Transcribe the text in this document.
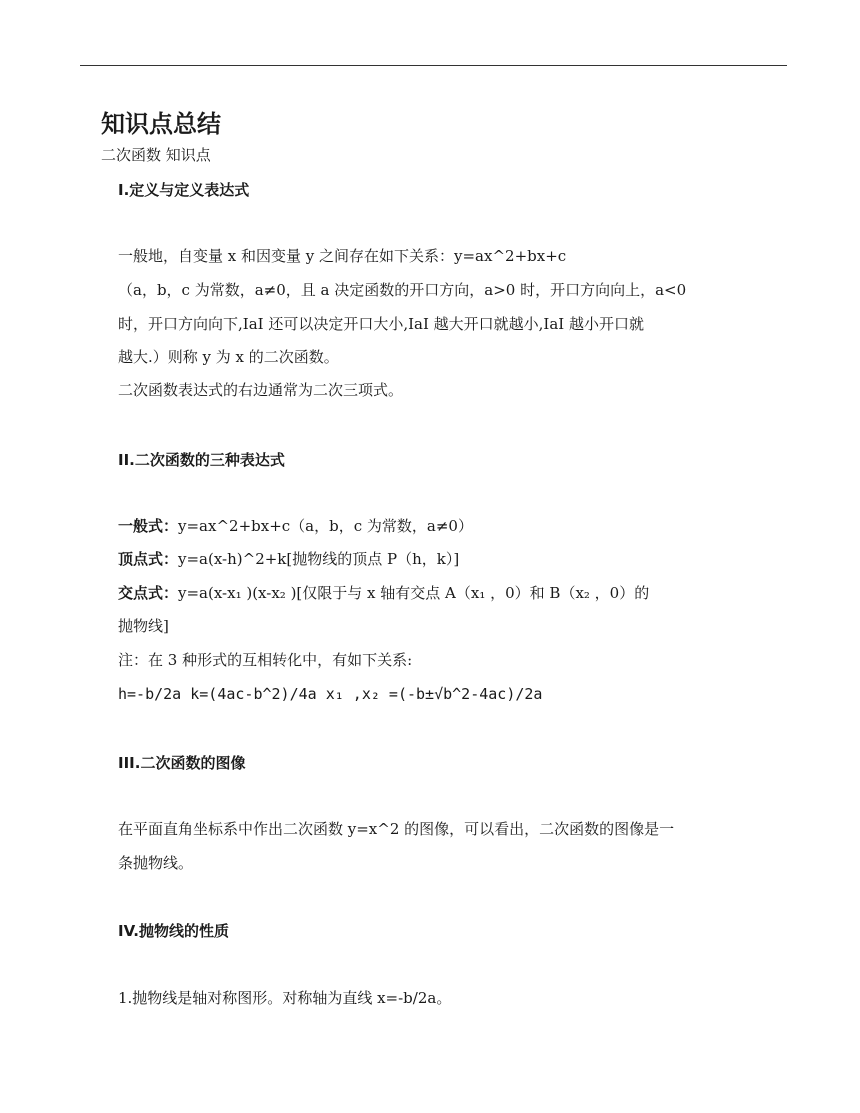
知识点总结
二次函数 知识点
I.定义与定义表达式
一般地，自变量 x 和因变量 y 之间存在如下关系：y=ax^2+bx+c
（a，b，c 为常数，a≠0，且 a 决定函数的开口方向，a>0 时，开口方向向上，a<0
时，开口方向向下,IaI 还可以决定开口大小,IaI 越大开口就越小,IaI 越小开口就
越大.）则称 y 为 x 的二次函数。
二次函数表达式的右边通常为二次三项式。
II.二次函数的三种表达式
一般式：y=ax^2+bx+c（a，b，c 为常数，a≠0）
顶点式：y=a(x-h)^2+k[抛物线的顶点 P（h，k）]
交点式：y=a(x-x₁ )(x-x₂ )[仅限于与 x 轴有交点 A（x₁ ，0）和 B（x₂ ，0）的
抛物线]
注：在 3 种形式的互相转化中，有如下关系:
h=-b/2a k=(4ac-b^2)/4a x₁ ,x₂ =(-b±√b^2-4ac)/2a
III.二次函数的图像
在平面直角坐标系中作出二次函数 y=x^2 的图像，可以看出，二次函数的图像是一
条抛物线。
IV.抛物线的性质
1.抛物线是轴对称图形。对称轴为直线 x=-b/2a。
